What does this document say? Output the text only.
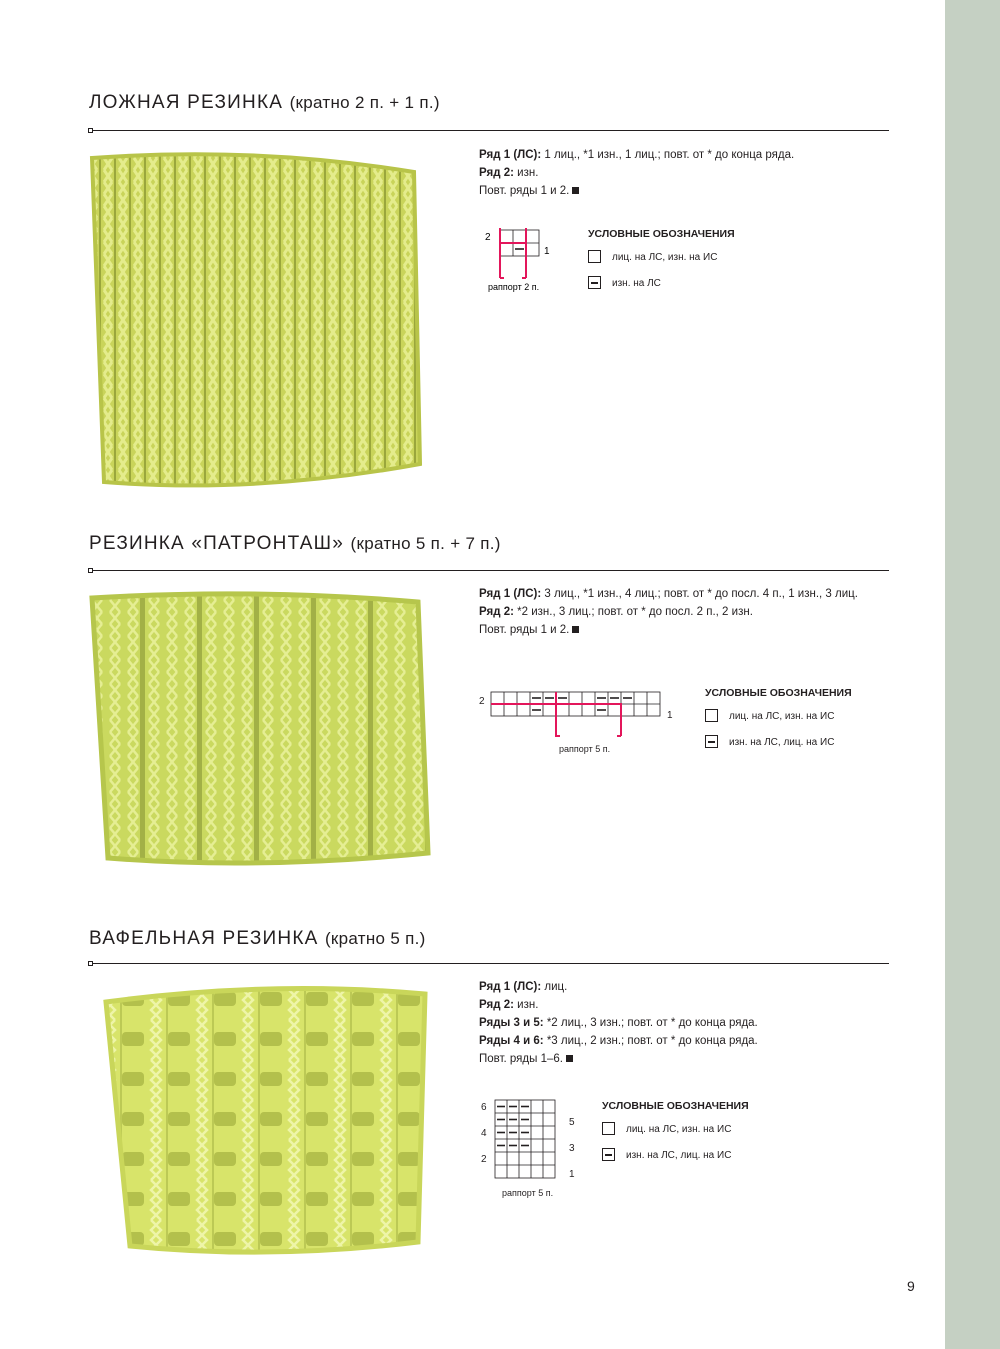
ЛОЖНАЯ РЕЗИНКА (кратно 2 п. + 1 п.)
Ряд 1 (ЛС): 1 лиц., *1 изн., 1 лиц.; повт. от * до конца ряда.
Ряд 2: изн.
Повт. ряды 1 и 2.
2
1
раппорт 2 п.
УСЛОВНЫЕ ОБОЗНАЧЕНИЯ
лиц. на ЛС, изн. на ИС
изн. на ЛС
РЕЗИНКА «ПАТРОНТАШ» (кратно 5 п. + 7 п.)
Ряд 1 (ЛС): 3 лиц., *1 изн., 4 лиц.; повт. от * до посл. 4 п., 1 изн., 3 лиц.
Ряд 2: *2 изн., 3 лиц.; повт. от * до посл. 2 п., 2 изн.
Повт. ряды 1 и 2.
2
1
раппорт 5 п.
УСЛОВНЫЕ ОБОЗНАЧЕНИЯ
лиц. на ЛС, изн. на ИС
изн. на ЛС, лиц. на ИС
ВАФЕЛЬНАЯ РЕЗИНКА (кратно 5 п.)
Ряд 1 (ЛС): лиц.
Ряд 2: изн.
Ряды 3 и 5: *2 лиц., 3 изн.; повт. от * до конца ряда.
Ряды 4 и 6: *3 лиц., 2 изн.; повт. от * до конца ряда.
Повт. ряды 1–6.
6
4
2
5
3
1
раппорт 5 п.
УСЛОВНЫЕ ОБОЗНАЧЕНИЯ
лиц. на ЛС, изн. на ИС
изн. на ЛС, лиц. на ИС
9
